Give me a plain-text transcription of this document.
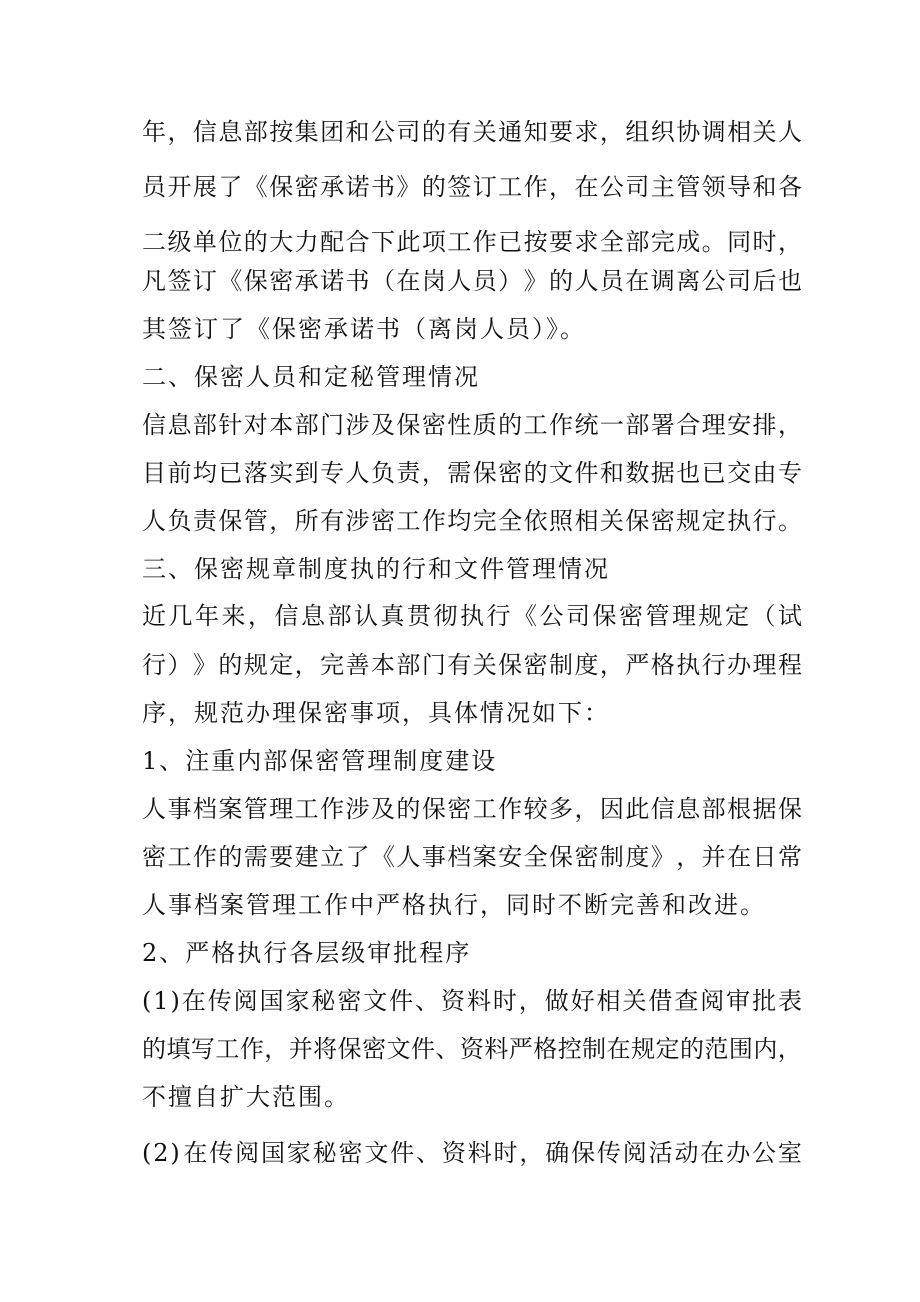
年 ， 信 息 部 按 集 团 和 公 司 的 有 关 通 知 要 求 ， 组 织 协 调 相 关 人
员 开 展 了 《 保 密 承 诺 书 》 的 签 订 工 作 ， 在 公 司 主 管 领 导 和 各
二 级 单 位 的 大 力 配 合 下 此 项 工 作 已 按 要 求 全 部 完 成 。 同 时 ，
凡 签 订 《 保 密 承 诺 书 （ 在 岗 人 员 ） 》 的 人 员 在 调 离 公 司 后 也
其签订了《保密承诺书（离岗人员）》。
二、保密人员和定秘管理情况
信 息 部 针 对 本 部 门 涉 及 保 密 性 质 的 工 作 统 一 部 署 合 理 安 排 ，
目 前 均 已 落 实 到 专 人 负 责 ， 需 保 密 的 文 件 和 数 据 也 已 交 由 专
人 负 责 保 管 ， 所 有 涉 密 工 作 均 完 全 依 照 相 关 保 密 规 定 执 行 。
三、保密规章制度执的行和文件管理情况
近 几 年 来 ， 信 息 部 认 真 贯 彻 执 行 《 公 司 保 密 管 理 规 定 （ 试
行 ） 》 的 规 定 ， 完 善 本 部 门 有 关 保 密 制 度 ， 严 格 执 行 办 理 程
序，规范办理保密事项，具体情况如下：
1、注重内部保密管理制度建设
人 事 档 案 管 理 工 作 涉 及 的 保 密 工 作 较 多 ， 因 此 信 息 部 根 据 保
密 工 作 的 需 要 建 立 了 《 人 事 档 案 安 全 保 密 制 度 》 ， 并 在 日 常
人事档案管理工作中严格执行，同时不断完善和改进。
2、严格执行各层级审批程序
( 1 ) 在 传 阅 国 家 秘 密 文 件 、 资 料 时 ， 做 好 相 关 借 查 阅 审 批 表
的 填 写 工 作 ， 并 将 保 密 文 件 、 资 料 严 格 控 制 在 规 定 的 范 围 内 ，
不擅自扩大范围。
( 2 ) 在 传 阅 国 家 秘 密 文 件 、 资 料 时 ， 确 保 传 阅 活 动 在 办 公 室
